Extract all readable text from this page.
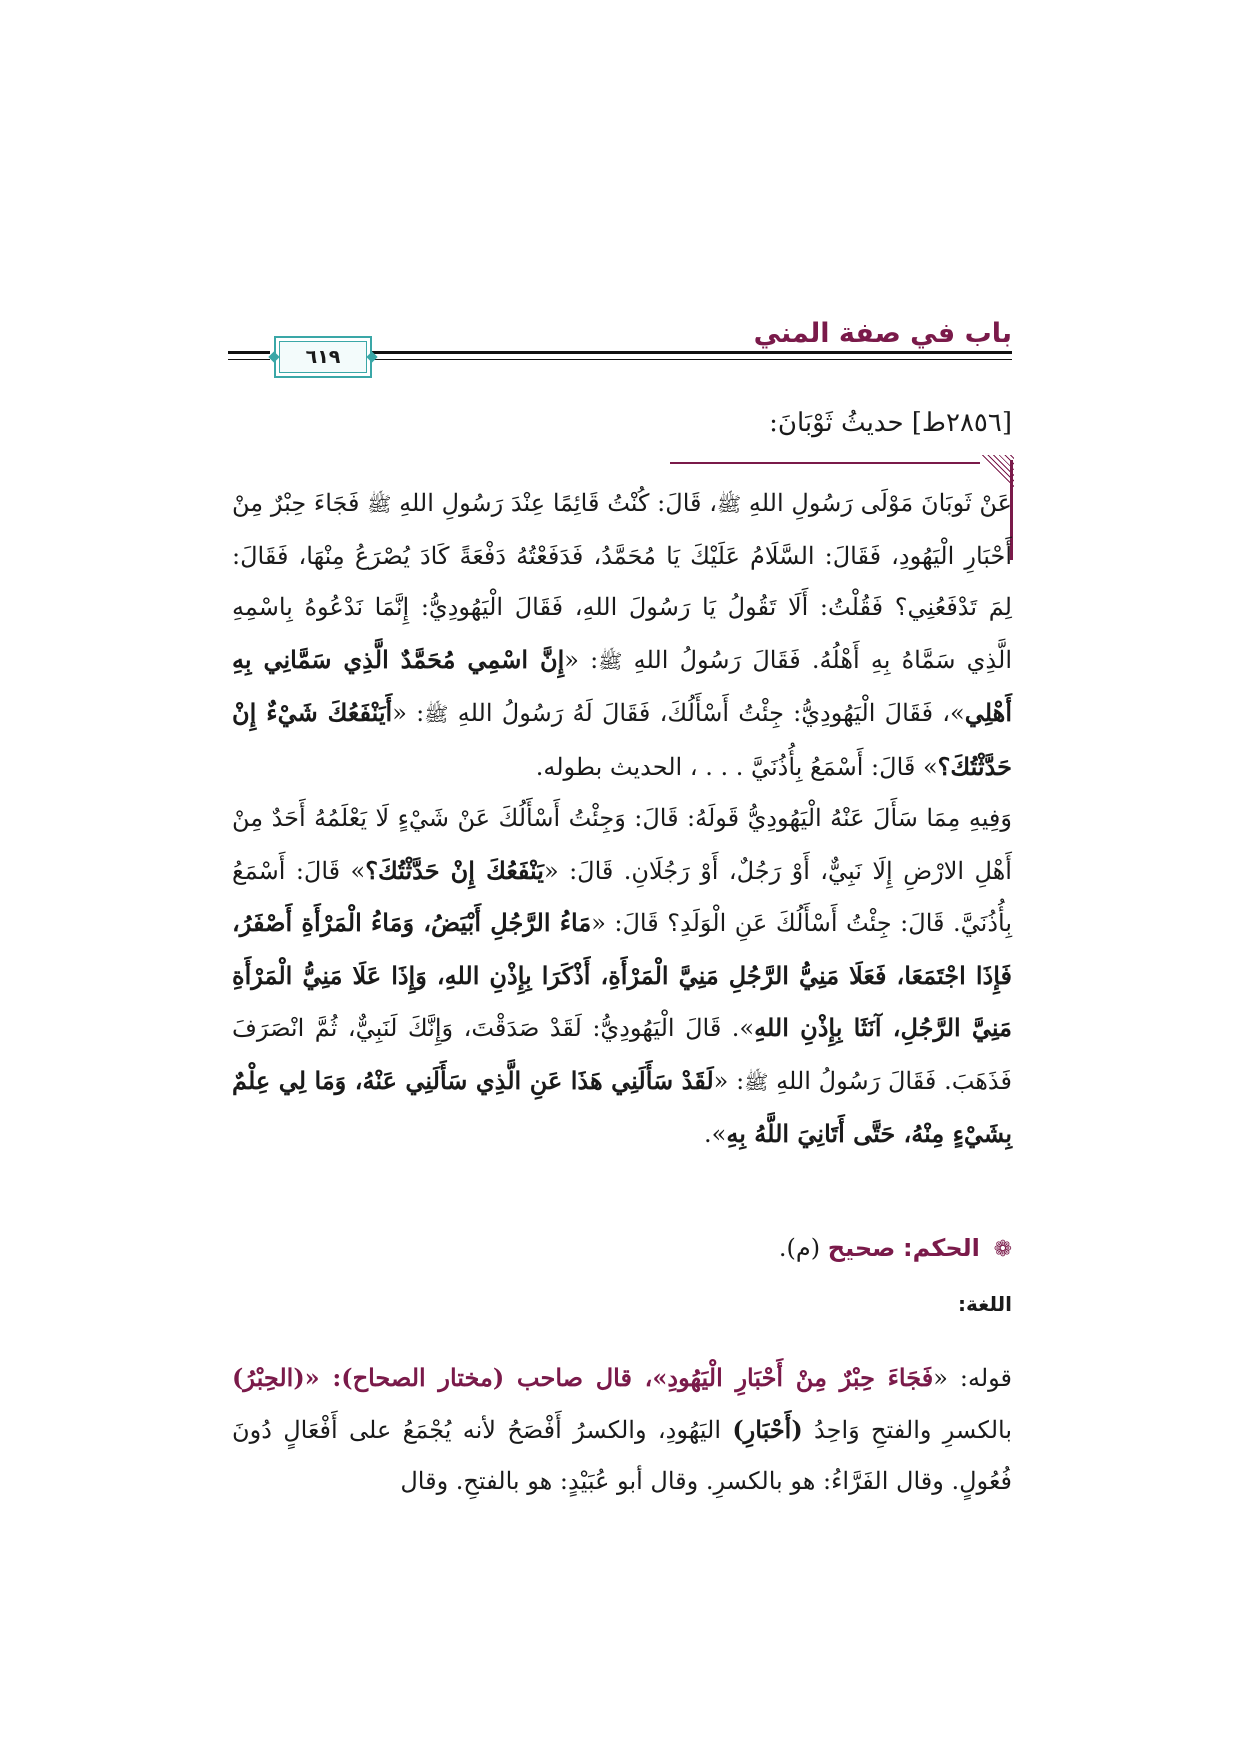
باب في صفة المني
٦١٩
[٢٨٥٦ط] حديثُ ثَوْبَانَ:

عَنْ ثَوبَانَ مَوْلَى رَسُولِ اللهِ ﷺ، قَالَ: كُنْتُ قَائِمًا عِنْدَ رَسُولِ اللهِ ﷺ فَجَاءَ حِبْرٌ مِنْ أَحْبَارِ الْيَهُودِ، فَقَالَ: السَّلَامُ عَلَيْكَ يَا مُحَمَّدُ، فَدَفَعْتُهُ دَفْعَةً كَادَ يُصْرَعُ مِنْهَا، فَقَالَ: لِمَ تَدْفَعُنِي؟ فَقُلْتُ: أَلَا تَقُولُ يَا رَسُولَ اللهِ، فَقَالَ الْيَهُودِيُّ: إِنَّمَا نَدْعُوهُ بِاسْمِهِ الَّذِي سَمَّاهُ بِهِ أَهْلُهُ. فَقَالَ رَسُولُ اللهِ ﷺ: «إِنَّ اسْمِي مُحَمَّدٌ الَّذِي سَمَّانِي بِهِ أَهْلِي»، فَقَالَ الْيَهُودِيُّ: جِئْتُ أَسْأَلُكَ، فَقَالَ لَهُ رَسُولُ اللهِ ﷺ: «أَيَنْفَعُكَ شَيْءٌ إِنْ حَدَّثْتُكَ؟» قَالَ: أَسْمَعُ بِأُذُنَيَّ . . . ، الحديث بطوله.

وَفِيهِ مِمَا سَأَلَ عَنْهُ الْيَهُودِيُّ قَولَهُ: قَالَ: وَجِئْتُ أَسْأَلُكَ عَنْ شَيْءٍ لَا يَعْلَمُهُ أَحَدٌ مِنْ أَهْلِ الارْضِ إِلَا نَبِيٌّ، أَوْ رَجُلٌ، أَوْ رَجُلَانِ. قَالَ: «يَنْفَعُكَ إِنْ حَدَّثْتُكَ؟» قَالَ: أَسْمَعُ بِأُذُنَيَّ. قَالَ: جِئْتُ أَسْأَلُكَ عَنِ الْوَلَدِ؟ قَالَ: «مَاءُ الرَّجُلِ أَبْيَضُ، وَمَاءُ الْمَرْأَةِ أَصْفَرُ، فَإِذَا اجْتَمَعَا، فَعَلَا مَنِيُّ الرَّجُلِ مَنِيَّ الْمَرْأَةِ، أَذْكَرَا بِإِذْنِ اللهِ، وَإِذَا عَلَا مَنِيُّ الْمَرْأَةِ مَنِيَّ الرَّجُلِ، آنَثَا بِإِذْنِ اللهِ». قَالَ الْيَهُودِيُّ: لَقَدْ صَدَقْتَ، وَإِنَّكَ لَنَبِيٌّ، ثُمَّ انْصَرَفَ فَذَهَبَ. فَقَالَ رَسُولُ اللهِ ﷺ: «لَقَدْ سَأَلَنِي هَذَا عَنِ الَّذِي سَأَلَنِي عَنْهُ، وَمَا لِي عِلْمٌ بِشَيْءٍ مِنْهُ، حَتَّى أَتَانِيَ اللَّهُ بِهِ».

❁ الحكم: صحيح (م).
اللغة:

قوله: «فَجَاءَ حِبْرٌ مِنْ أَحْبَارِ الْيَهُودِ»، قال صاحب (مختار الصحاح): «(الحِبْرُ) بالكسرِ والفتحِ وَاحِدُ (أَحْبَارِ) اليَهُودِ، والكسرُ أَفْصَحُ لأنه يُجْمَعُ على أَفْعَالٍ دُونَ فُعُولٍ. وقال الفَرَّاءُ: هو بالكسرِ. وقال أبو عُبَيْدٍ: هو بالفتحِ. وقال
